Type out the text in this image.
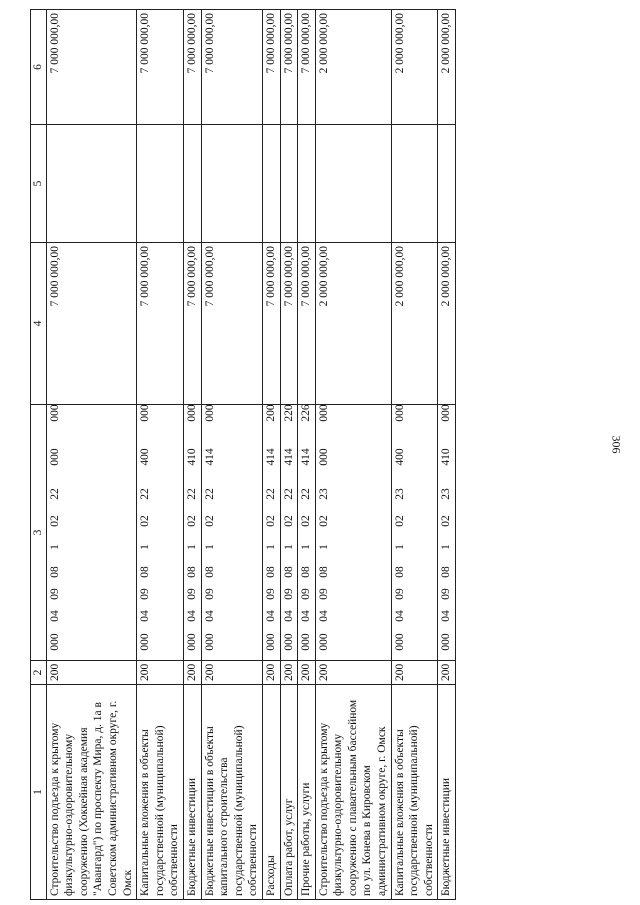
306
1	2	3	4	5	6
Строительство подъезда к крытому физкультурно-оздоровительному сооружению (Хоккейная академия "Авангард") по проспекту Мира, д. 1а в Советском административном округе, г. Омск	200	00004090810222000000	7 000 000,00		7 000 000,00
Капитальные вложения в объекты государственной (муниципальной) собственности	200	00004090810222400000	7 000 000,00		7 000 000,00
Бюджетные инвестиции	200	00004090810222410000	7 000 000,00		7 000 000,00
Бюджетные инвестиции в объекты капитального строительства государственной (муниципальной) собственности	200	00004090810222414000	7 000 000,00		7 000 000,00
Расходы	200	00004090810222414200	7 000 000,00		7 000 000,00
Оплата работ, услуг	200	00004090810222414220	7 000 000,00		7 000 000,00
Прочие работы, услуги	200	00004090810222414226	7 000 000,00		7 000 000,00
Строительство подъезда к крытому физкультурно-оздоровительному сооружению с плавательным бассейном по ул. Конева в Кировском административном округе, г. Омск	200	00004090810223000000	2 000 000,00		2 000 000,00
Капитальные вложения в объекты государственной (муниципальной) собственности	200	00004090810223400000	2 000 000,00		2 000 000,00
Бюджетные инвестиции	200	00004090810223410000	2 000 000,00		2 000 000,00
